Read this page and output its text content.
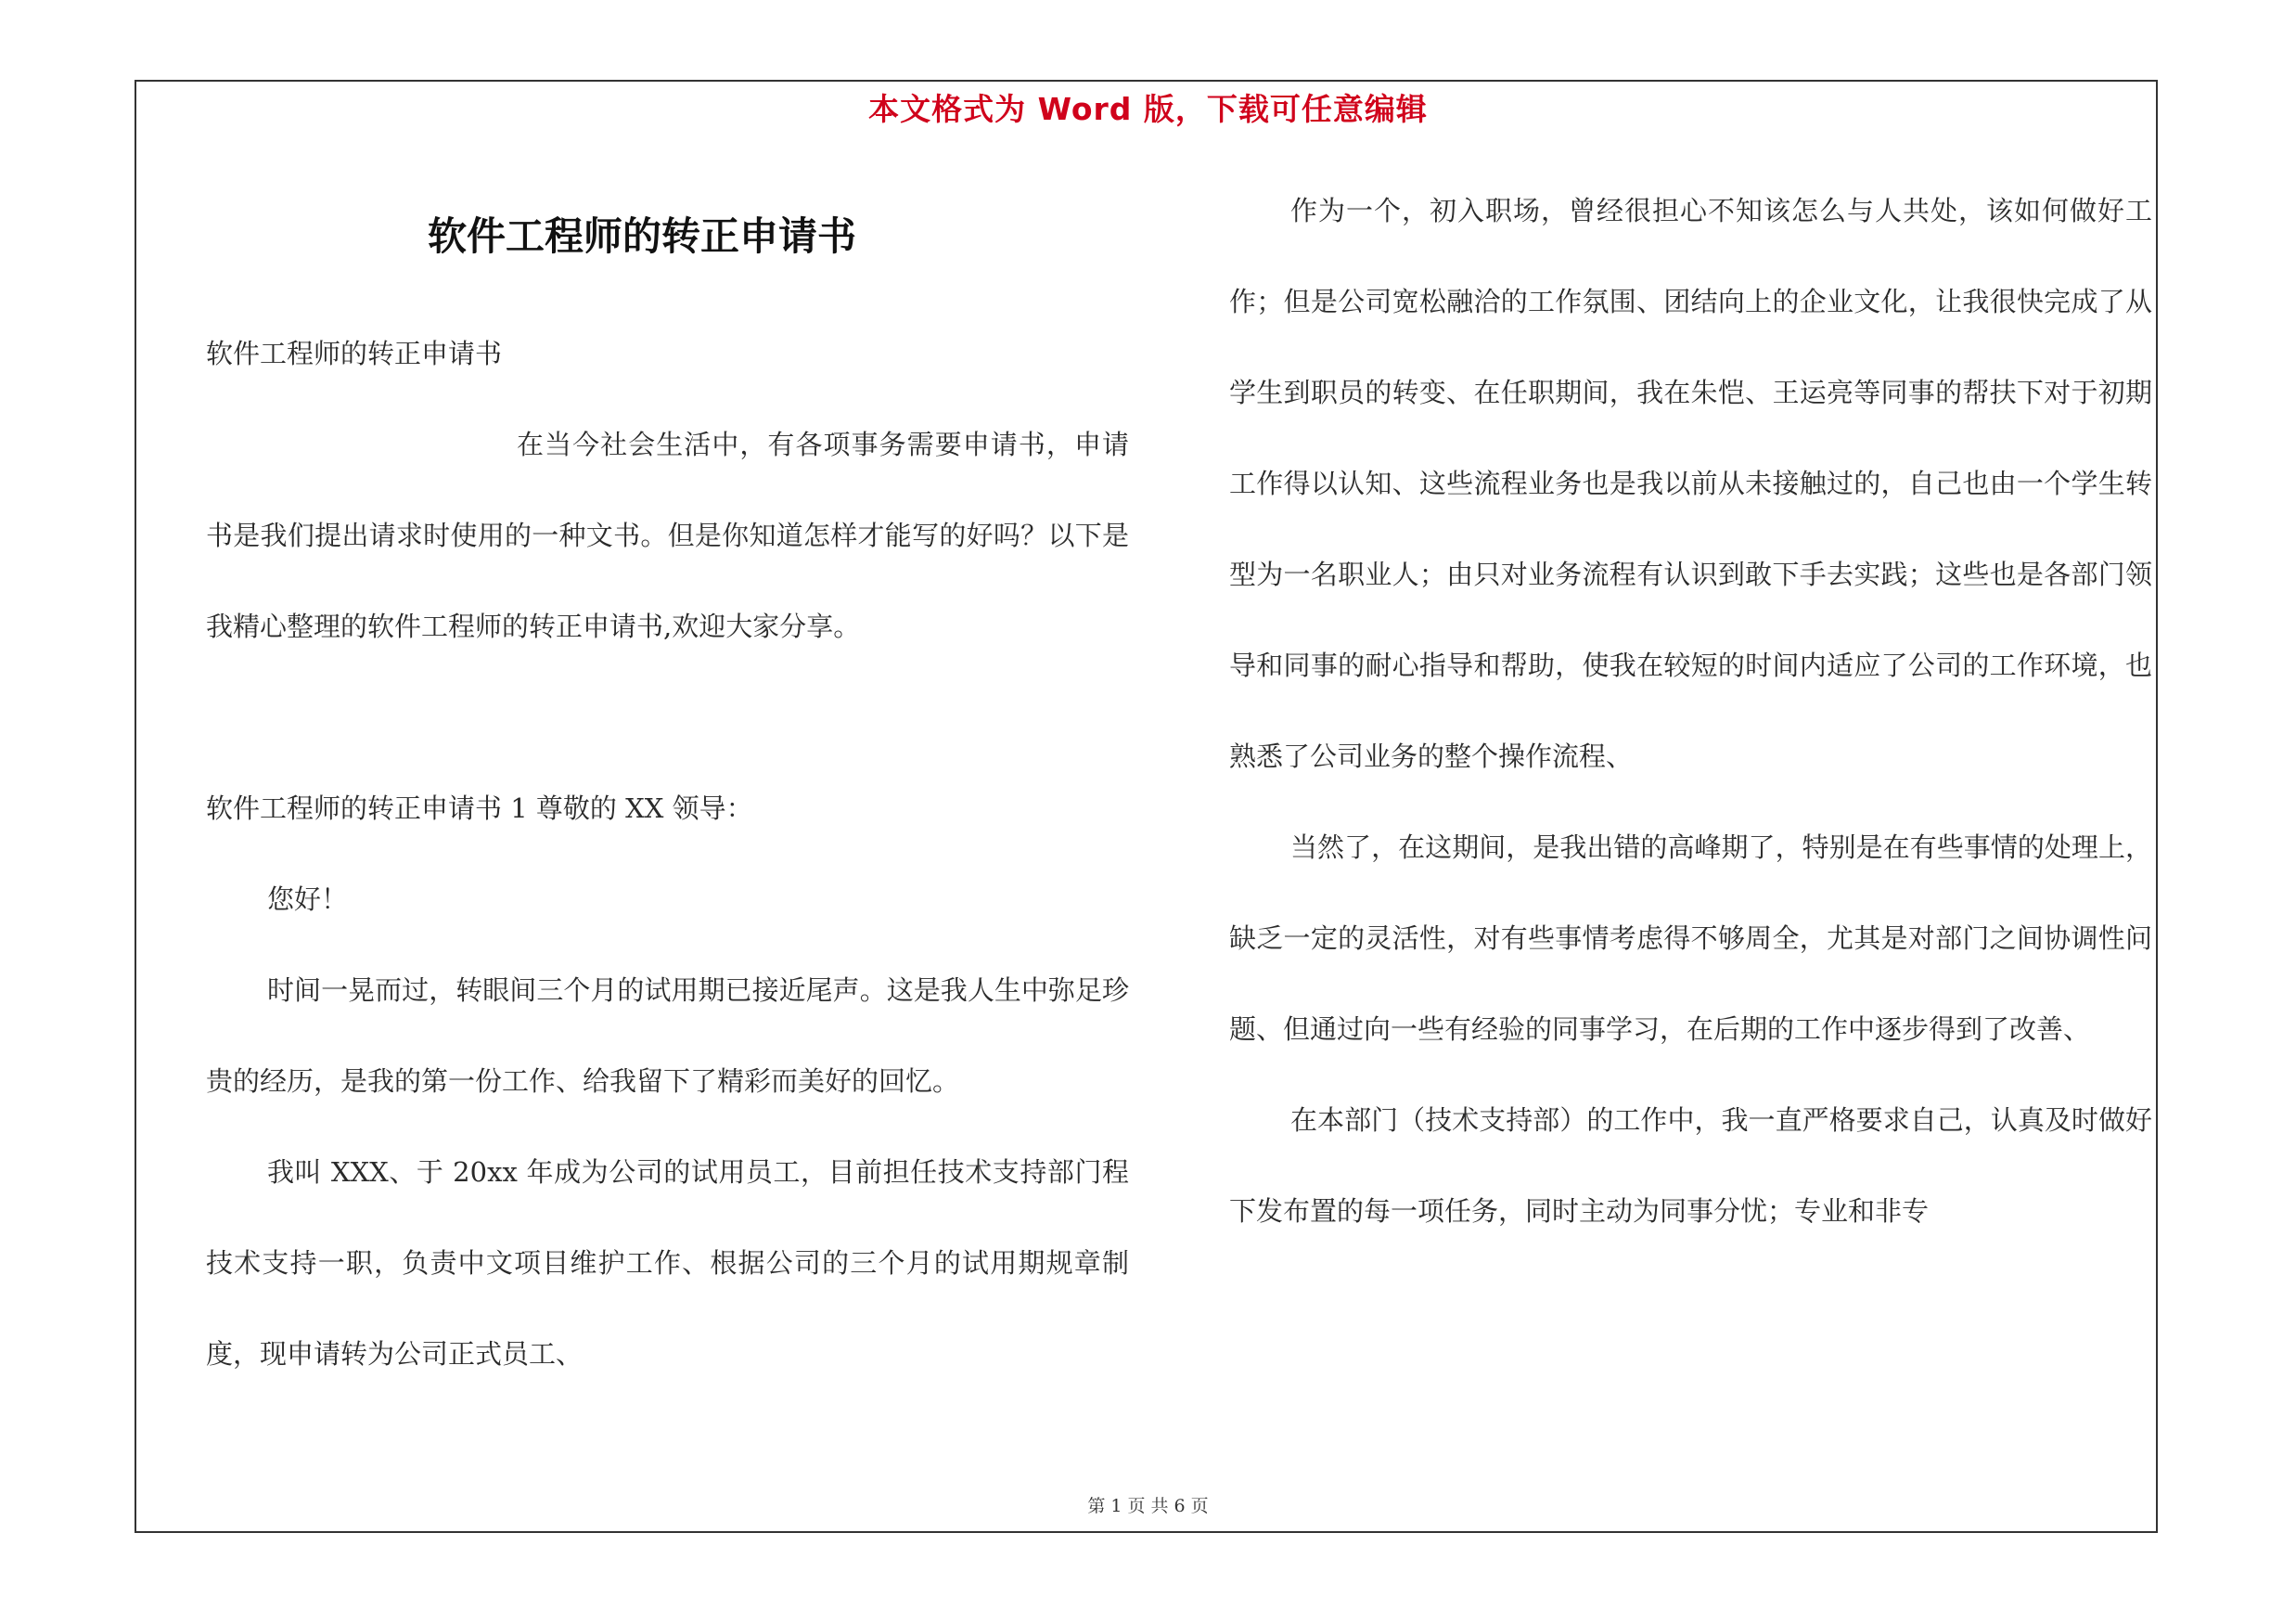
本文格式为 Word 版，下载可任意编辑
软件工程师的转正申请书

软件工程师的转正申请书

在当今社会生活中，有各项事务需要申请书，申请书是我们提出请求时使用的一种文书。但是你知道怎样才能写的好吗？以下是我精心整理的软件工程师的转正申请书,欢迎大家分享。

软件工程师的转正申请书 1 尊敬的 XX 领导：

您好！

时间一晃而过，转眼间三个月的试用期已接近尾声。这是我人生中弥足珍贵的经历，是我的第一份工作、给我留下了精彩而美好的回忆。

我叫 XXX、于 20xx 年成为公司的试用员工，目前担任技术支持部门程技术支持一职，负责中文项目维护工作、根据公司的三个月的试用期规章制度，现申请转为公司正式员工、

作为一个，初入职场，曾经很担心不知该怎么与人共处，该如何做好工作；但是公司宽松融洽的工作氛围、团结向上的企业文化，让我很快完成了从学生到职员的转变、在任职期间，我在朱恺、王运亮等同事的帮扶下对于初期工作得以认知、这些流程业务也是我以前从未接触过的，自己也由一个学生转型为一名职业人；由只对业务流程有认识到敢下手去实践；这些也是各部门领导和同事的耐心指导和帮助，使我在较短的时间内适应了公司的工作环境，也熟悉了公司业务的整个操作流程、

当然了，在这期间，是我出错的高峰期了，特别是在有些事情的处理上，缺乏一定的灵活性，对有些事情考虑得不够周全，尤其是对部门之间协调性问题、但通过向一些有经验的同事学习，在后期的工作中逐步得到了改善、

在本部门（技术支持部）的工作中，我一直严格要求自己，认真及时做好下发布置的每一项任务，同时主动为同事分忧；专业和非专

第 1 页 共 6 页
